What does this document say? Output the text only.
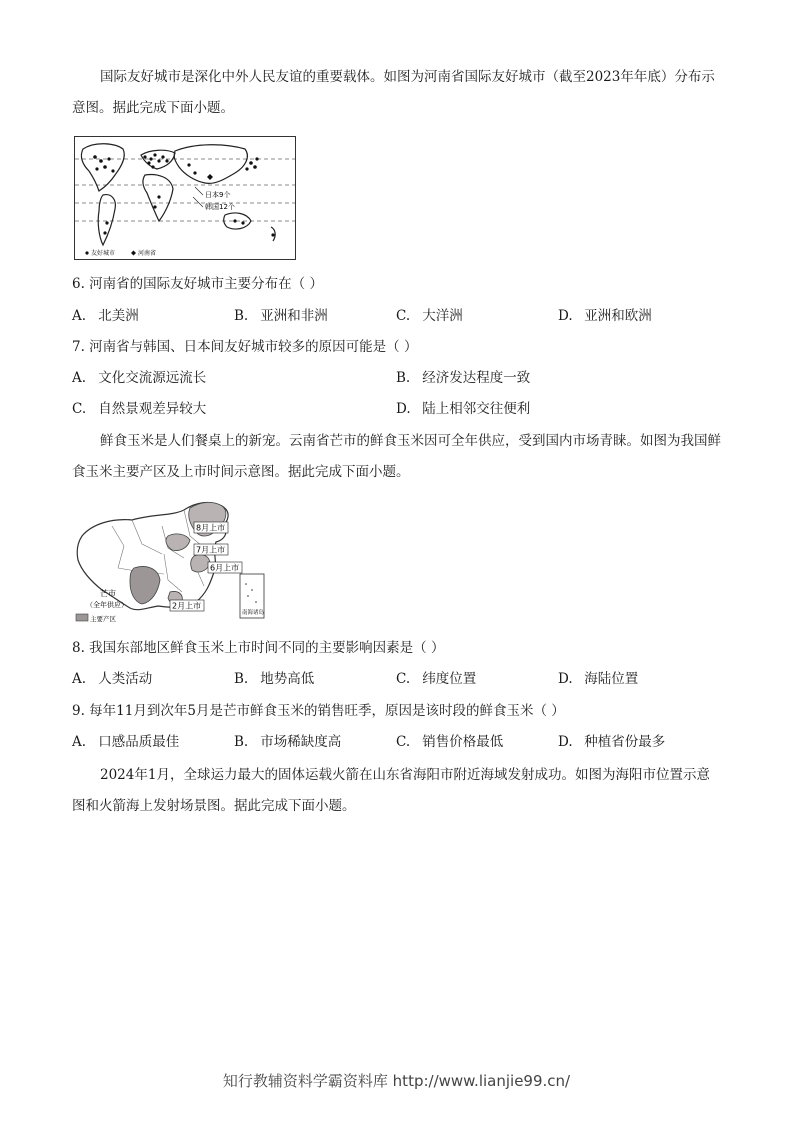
国际友好城市是深化中外人民友谊的重要载体。如图为河南省国际友好城市（截至2023年年底）分布示意图。据此完成下面小题。

日本9个
韩国12个
友好城市	河南省
6. 河南省的国际友好城市主要分布在（ ）
A. 北美洲	B. 亚洲和非洲	C. 大洋洲	D. 亚洲和欧洲
7. 河南省与韩国、日本间友好城市较多的原因可能是（ ）
A. 文化交流源远流长	B. 经济发达程度一致
C. 自然景观差异较大	D. 陆上相邻交往便利

鲜食玉米是人们餐桌上的新宠。云南省芒市的鲜食玉米因可全年供应，受到国内市场青睐。如图为我国鲜食玉米主要产区及上市时间示意图。据此完成下面小题。

8月上市
7月上市
6月上市
2月上市
芒市
（全年供应）
主要产区
南海诸岛
8. 我国东部地区鲜食玉米上市时间不同的主要影响因素是（ ）
A. 人类活动	B. 地势高低	C. 纬度位置	D. 海陆位置
9. 每年11月到次年5月是芒市鲜食玉米的销售旺季，原因是该时段的鲜食玉米（ ）
A. 口感品质最佳	B. 市场稀缺度高	C. 销售价格最低	D. 种植省份最多

2024年1月，全球运力最大的固体运载火箭在山东省海阳市附近海域发射成功。如图为海阳市位置示意图和火箭海上发射场景图。据此完成下面小题。

知行教辅资料学霸资料库 http://www.lianjie99.cn/
